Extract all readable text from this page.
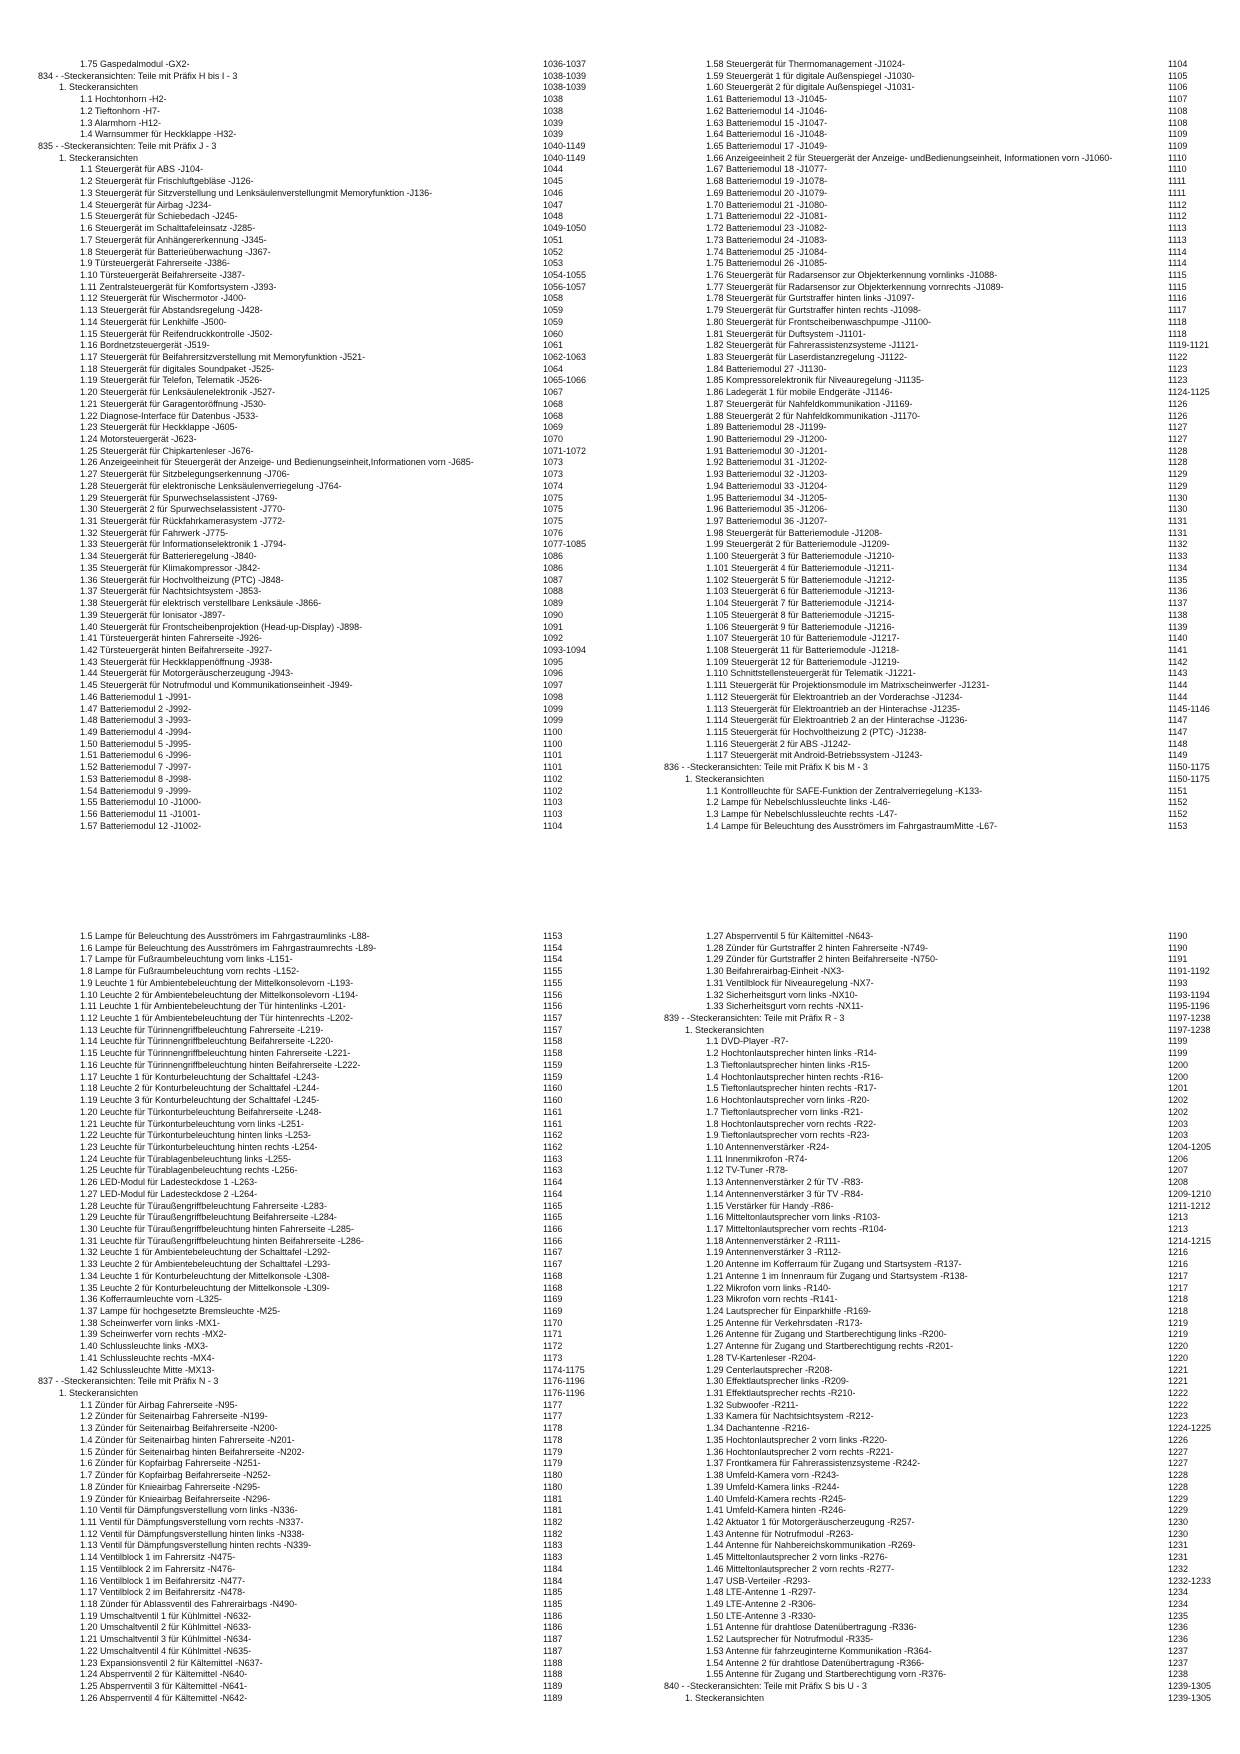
1.75 Gaspedalmodul -GX2-	1036-1037
834 - -Steckeransichten: Teile mit Präfix H bis I - 3	1038-1039
1. Steckeransichten	1038-1039
1.1 Hochtonhorn -H2-	1038
1.2 Tieftonhorn -H7-	1038
1.3 Alarmhorn -H12-	1039
1.4 Warnsummer für Heckklappe -H32-	1039
835 - -Steckeransichten: Teile mit Präfix J - 3	1040-1149
1. Steckeransichten	1040-1149
1.1 Steuergerät für ABS -J104-	1044
1.2 Steuergerät für Frischluftgebläse -J126-	1045
1.3 Steuergerät für Sitzverstellung und Lenksäulenverstellungmit Memoryfunktion -J136-	1046
1.4 Steuergerät für Airbag -J234-	1047
1.5 Steuergerät für Schiebedach -J245-	1048
1.6 Steuergerät im Schalttafeleinsatz -J285-	1049-1050
1.7 Steuergerät für Anhängererkennung -J345-	1051
1.8 Steuergerät für Batterieüberwachung -J367-	1052
1.9 Türsteuergerät Fahrerseite -J386-	1053
1.10 Türsteuergerät Beifahrerseite -J387-	1054-1055
1.11 Zentralsteuergerät für Komfortsystem -J393-	1056-1057
1.12 Steuergerät für Wischermotor -J400-	1058
1.13 Steuergerät für Abstandsregelung -J428-	1059
1.14 Steuergerät für Lenkhilfe -J500-	1059
1.15 Steuergerät für Reifendruckkontrolle -J502-	1060
1.16 Bordnetzsteuergerät -J519-	1061
1.17 Steuergerät für Beifahrersitzverstellung mit Memoryfunktion -J521-	1062-1063
1.18 Steuergerät für digitales Soundpaket -J525-	1064
1.19 Steuergerät für Telefon, Telematik -J526-	1065-1066
1.20 Steuergerät für Lenksäulenelektronik -J527-	1067
1.21 Steuergerät für Garagentoröffnung -J530-	1068
1.22 Diagnose-Interface für Datenbus -J533-	1068
1.23 Steuergerät für Heckklappe -J605-	1069
1.24 Motorsteuergerät -J623-	1070
1.25 Steuergerät für Chipkartenleser -J676-	1071-1072
1.26 Anzeigeeinheit für Steuergerät der Anzeige- und Bedienungseinheit,Informationen vorn -J685-	1073
1.27 Steuergerät für Sitzbelegungserkennung -J706-	1073
1.28 Steuergerät für elektronische Lenksäulenverriegelung -J764-	1074
1.29 Steuergerät für Spurwechselassistent -J769-	1075
1.30 Steuergerät 2 für Spurwechselassistent -J770-	1075
1.31 Steuergerät für Rückfahrkamerasystem -J772-	1075
1.32 Steuergerät für Fahrwerk -J775-	1076
1.33 Steuergerät für Informationselektronik 1 -J794-	1077-1085
1.34 Steuergerät für Batterieregelung -J840-	1086
1.35 Steuergerät für Klimakompressor -J842-	1086
1.36 Steuergerät für Hochvoltheizung (PTC) -J848-	1087
1.37 Steuergerät für Nachtsichtsystem -J853-	1088
1.38 Steuergerät für elektrisch verstellbare Lenksäule -J866-	1089
1.39 Steuergerät für Ionisator -J897-	1090
1.40 Steuergerät für Frontscheibenprojektion (Head-up-Display) -J898-	1091
1.41 Türsteuergerät hinten Fahrerseite -J926-	1092
1.42 Türsteuergerät hinten Beifahrerseite -J927-	1093-1094
1.43 Steuergerät für Heckklappenöffnung -J938-	1095
1.44 Steuergerät für Motorgeräuscherzeugung -J943-	1096
1.45 Steuergerät für Notrufmodul und Kommunikationseinheit -J949-	1097
1.46 Batteriemodul 1 -J991-	1098
1.47 Batteriemodul 2 -J992-	1099
1.48 Batteriemodul 3 -J993-	1099
1.49 Batteriemodul 4 -J994-	1100
1.50 Batteriemodul 5 -J995-	1100
1.51 Batteriemodul 6 -J996-	1101
1.52 Batteriemodul 7 -J997-	1101
1.53 Batteriemodul 8 -J998-	1102
1.54 Batteriemodul 9 -J999-	1102
1.55 Batteriemodul 10 -J1000-	1103
1.56 Batteriemodul 11 -J1001-	1103
1.57 Batteriemodul 12 -J1002-	1104
1.58 Steuergerät für Thermomanagement -J1024-	1104
1.59 Steuergerät 1 für digitale Außenspiegel -J1030-	1105
1.60 Steuergerät 2 für digitale Außenspiegel -J1031-	1106
1.61 Batteriemodul 13 -J1045-	1107
1.62 Batteriemodul 14 -J1046-	1108
1.63 Batteriemodul 15 -J1047-	1108
1.64 Batteriemodul 16 -J1048-	1109
1.65 Batteriemodul 17 -J1049-	1109
1.66 Anzeigeeinheit 2 für Steuergerät der Anzeige- undBedienungseinheit, Informationen vorn -J1060-	1110
1.67 Batteriemodul 18 -J1077-	1110
1.68 Batteriemodul 19 -J1078-	1111
1.69 Batteriemodul 20 -J1079-	1111
1.70 Batteriemodul 21 -J1080-	1112
1.71 Batteriemodul 22 -J1081-	1112
1.72 Batteriemodul 23 -J1082-	1113
1.73 Batteriemodul 24 -J1083-	1113
1.74 Batteriemodul 25 -J1084-	1114
1.75 Batteriemodul 26 -J1085-	1114
1.76 Steuergerät für Radarsensor zur Objekterkennung vornlinks -J1088-	1115
1.77 Steuergerät für Radarsensor zur Objekterkennung vornrechts -J1089-	1115
1.78 Steuergerät für Gurtstraffer hinten links -J1097-	1116
1.79 Steuergerät für Gurtstraffer hinten rechts -J1098-	1117
1.80 Steuergerät für Frontscheibenwaschpumpe -J1100-	1118
1.81 Steuergerät für Duftsystem -J1101-	1118
1.82 Steuergerät für Fahrerassistenzsysteme -J1121-	1119-1121
1.83 Steuergerät für Laserdistanzregelung -J1122-	1122
1.84 Batteriemodul 27 -J1130-	1123
1.85 Kompressorelektronik für Niveauregelung -J1135-	1123
1.86 Ladegerät 1 für mobile Endgeräte -J1146-	1124-1125
1.87 Steuergerät für Nahfeldkommunikation -J1169-	1126
1.88 Steuergerät 2 für Nahfeldkommunikation -J1170-	1126
1.89 Batteriemodul 28 -J1199-	1127
1.90 Batteriemodul 29 -J1200-	1127
1.91 Batteriemodul 30 -J1201-	1128
1.92 Batteriemodul 31 -J1202-	1128
1.93 Batteriemodul 32 -J1203-	1129
1.94 Batteriemodul 33 -J1204-	1129
1.95 Batteriemodul 34 -J1205-	1130
1.96 Batteriemodul 35 -J1206-	1130
1.97 Batteriemodul 36 -J1207-	1131
1.98 Steuergerät für Batteriemodule -J1208-	1131
1.99 Steuergerät 2 für Batteriemodule -J1209-	1132
1.100 Steuergerät 3 für Batteriemodule -J1210-	1133
1.101 Steuergerät 4 für Batteriemodule -J1211-	1134
1.102 Steuergerät 5 für Batteriemodule -J1212-	1135
1.103 Steuergerät 6 für Batteriemodule -J1213-	1136
1.104 Steuergerät 7 für Batteriemodule -J1214-	1137
1.105 Steuergerät 8 für Batteriemodule -J1215-	1138
1.106 Steuergerät 9 für Batteriemodule -J1216-	1139
1.107 Steuergerät 10 für Batteriemodule -J1217-	1140
1.108 Steuergerät 11 für Batteriemodule -J1218-	1141
1.109 Steuergerät 12 für Batteriemodule -J1219-	1142
1.110 Schnittstellensteuergerät für Telematik -J1221-	1143
1.111 Steuergerät für Projektionsmodule im Matrixscheinwerfer -J1231-	1144
1.112 Steuergerät für Elektroantrieb an der Vorderachse -J1234-	1144
1.113 Steuergerät für Elektroantrieb an der Hinterachse -J1235-	1145-1146
1.114 Steuergerät für Elektroantrieb 2 an der Hinterachse -J1236-	1147
1.115 Steuergerät für Hochvoltheizung 2 (PTC) -J1238-	1147
1.116 Steuergerät 2 für ABS -J1242-	1148
1.117 Steuergerät mit Android-Betriebssystem -J1243-	1149
836 - -Steckeransichten: Teile mit Präfix K bis M - 3	1150-1175
1. Steckeransichten	1150-1175
1.1 Kontrollleuchte für SAFE-Funktion der Zentralverriegelung -K133-	1151
1.2 Lampe für Nebelschlussleuchte links -L46-	1152
1.3 Lampe für Nebelschlussleuchte rechts -L47-	1152
1.4 Lampe für Beleuchtung des Ausströmers im FahrgastraumMitte -L67-	1153
1.5 Lampe für Beleuchtung des Ausströmers im Fahrgastraumlinks -L88-	1153
1.6 Lampe für Beleuchtung des Ausströmers im Fahrgastraumrechts -L89-	1154
1.7 Lampe für Fußraumbeleuchtung vorn links -L151-	1154
1.8 Lampe für Fußraumbeleuchtung vorn rechts -L152-	1155
1.9 Leuchte 1 für Ambientebeleuchtung der Mittelkonsolevorn -L193-	1155
1.10 Leuchte 2 für Ambientebeleuchtung der Mittelkonsolevorn -L194-	1156
1.11 Leuchte 1 für Ambientebeleuchtung der Tür hintenlinks -L201-	1156
1.12 Leuchte 1 für Ambientebeleuchtung der Tür hintenrechts -L202-	1157
1.13 Leuchte für Türinnengriffbeleuchtung Fahrerseite -L219-	1157
1.14 Leuchte für Türinnengriffbeleuchtung Beifahrerseite -L220-	1158
1.15 Leuchte für Türinnengriffbeleuchtung hinten Fahrerseite -L221-	1158
1.16 Leuchte für Türinnengriffbeleuchtung hinten Beifahrerseite -L222-	1159
1.17 Leuchte 1 für Konturbeleuchtung der Schalttafel -L243-	1159
1.18 Leuchte 2 für Konturbeleuchtung der Schalttafel -L244-	1160
1.19 Leuchte 3 für Konturbeleuchtung der Schalttafel -L245-	1160
1.20 Leuchte für Türkonturbeleuchtung Beifahrerseite -L248-	1161
1.21 Leuchte für Türkonturbeleuchtung vorn links -L251-	1161
1.22 Leuchte für Türkonturbeleuchtung hinten links -L253-	1162
1.23 Leuchte für Türkonturbeleuchtung hinten rechts -L254-	1162
1.24 Leuchte für Türablagenbeleuchtung links -L255-	1163
1.25 Leuchte für Türablagenbeleuchtung rechts -L256-	1163
1.26 LED-Modul für Ladesteckdose 1 -L263-	1164
1.27 LED-Modul für Ladesteckdose 2 -L264-	1164
1.28 Leuchte für Türaußengriffbeleuchtung Fahrerseite -L283-	1165
1.29 Leuchte für Türaußengriffbeleuchtung Beifahrerseite -L284-	1165
1.30 Leuchte für Türaußengriffbeleuchtung hinten Fahrerseite -L285-	1166
1.31 Leuchte für Türaußengriffbeleuchtung hinten Beifahrerseite -L286-	1166
1.32 Leuchte 1 für Ambientebeleuchtung der Schalttafel -L292-	1167
1.33 Leuchte 2 für Ambientebeleuchtung der Schalttafel -L293-	1167
1.34 Leuchte 1 für Konturbeleuchtung der Mittelkonsole -L308-	1168
1.35 Leuchte 2 für Konturbeleuchtung der Mittelkonsole -L309-	1168
1.36 Kofferraumleuchte vorn -L325-	1169
1.37 Lampe für hochgesetzte Bremsleuchte -M25-	1169
1.38 Scheinwerfer vorn links -MX1-	1170
1.39 Scheinwerfer vorn rechts -MX2-	1171
1.40 Schlussleuchte links -MX3-	1172
1.41 Schlussleuchte rechts -MX4-	1173
1.42 Schlussleuchte Mitte -MX13-	1174-1175
837 - -Steckeransichten: Teile mit Präfix N - 3	1176-1196
1. Steckeransichten	1176-1196
1.1 Zünder für Airbag Fahrerseite -N95-	1177
1.2 Zünder für Seitenairbag Fahrerseite -N199-	1177
1.3 Zünder für Seitenairbag Beifahrerseite -N200-	1178
1.4 Zünder für Seitenairbag hinten Fahrerseite -N201-	1178
1.5 Zünder für Seitenairbag hinten Beifahrerseite -N202-	1179
1.6 Zünder für Kopfairbag Fahrerseite -N251-	1179
1.7 Zünder für Kopfairbag Beifahrerseite -N252-	1180
1.8 Zünder für Knieairbag Fahrerseite -N295-	1180
1.9 Zünder für Knieairbag Beifahrerseite -N296-	1181
1.10 Ventil für Dämpfungsverstellung vorn links -N336-	1181
1.11 Ventil für Dämpfungsverstellung vorn rechts -N337-	1182
1.12 Ventil für Dämpfungsverstellung hinten links -N338-	1182
1.13 Ventil für Dämpfungsverstellung hinten rechts -N339-	1183
1.14 Ventilblock 1 im Fahrersitz -N475-	1183
1.15 Ventilblock 2 im Fahrersitz -N476-	1184
1.16 Ventilblock 1 im Beifahrersitz -N477-	1184
1.17 Ventilblock 2 im Beifahrersitz -N478-	1185
1.18 Zünder für Ablassventil des Fahrerairbags -N490-	1185
1.19 Umschaltventil 1 für Kühlmittel -N632-	1186
1.20 Umschaltventil 2 für Kühlmittel -N633-	1186
1.21 Umschaltventil 3 für Kühlmittel -N634-	1187
1.22 Umschaltventil 4 für Kühlmittel -N635-	1187
1.23 Expansionsventil 2 für Kältemittel -N637-	1188
1.24 Absperrventil 2 für Kältemittel -N640-	1188
1.25 Absperrventil 3 für Kältemittel -N641-	1189
1.26 Absperrventil 4 für Kältemittel -N642-	1189
1.27 Absperrventil 5 für Kältemittel -N643-	1190
1.28 Zünder für Gurtstraffer 2 hinten Fahrerseite -N749-	1190
1.29 Zünder für Gurtstraffer 2 hinten Beifahrerseite -N750-	1191
1.30 Beifahrerairbag-Einheit -NX3-	1191-1192
1.31 Ventilblock für Niveauregelung -NX7-	1193
1.32 Sicherheitsgurt vorn links -NX10-	1193-1194
1.33 Sicherheitsgurt vorn rechts -NX11-	1195-1196
839 - -Steckeransichten: Teile mit Präfix R - 3	1197-1238
1. Steckeransichten	1197-1238
1.1 DVD-Player -R7-	1199
1.2 Hochtonlautsprecher hinten links -R14-	1199
1.3 Tieftonlautsprecher hinten links -R15-	1200
1.4 Hochtonlautsprecher hinten rechts -R16-	1200
1.5 Tieftonlautsprecher hinten rechts -R17-	1201
1.6 Hochtonlautsprecher vorn links -R20-	1202
1.7 Tieftonlautsprecher vorn links -R21-	1202
1.8 Hochtonlautsprecher vorn rechts -R22-	1203
1.9 Tieftonlautsprecher vorn rechts -R23-	1203
1.10 Antennenverstärker -R24-	1204-1205
1.11 Innenmikrofon -R74-	1206
1.12 TV-Tuner -R78-	1207
1.13 Antennenverstärker 2 für TV -R83-	1208
1.14 Antennenverstärker 3 für TV -R84-	1209-1210
1.15 Verstärker für Handy -R86-	1211-1212
1.16 Mitteltonlautsprecher vorn links -R103-	1213
1.17 Mitteltonlautsprecher vorn rechts -R104-	1213
1.18 Antennenverstärker 2 -R111-	1214-1215
1.19 Antennenverstärker 3 -R112-	1216
1.20 Antenne im Kofferraum für Zugang und Startsystem -R137-	1216
1.21 Antenne 1 im Innenraum für Zugang und Startsystem -R138-	1217
1.22 Mikrofon vorn links -R140-	1217
1.23 Mikrofon vorn rechts -R141-	1218
1.24 Lautsprecher für Einparkhilfe -R169-	1218
1.25 Antenne für Verkehrsdaten -R173-	1219
1.26 Antenne für Zugang und Startberechtigung links -R200-	1219
1.27 Antenne für Zugang und Startberechtigung rechts -R201-	1220
1.28 TV-Kartenleser -R204-	1220
1.29 Centerlautsprecher -R208-	1221
1.30 Effektlautsprecher links -R209-	1221
1.31 Effektlautsprecher rechts -R210-	1222
1.32 Subwoofer -R211-	1222
1.33 Kamera für Nachtsichtsystem -R212-	1223
1.34 Dachantenne -R216-	1224-1225
1.35 Hochtonlautsprecher 2 vorn links -R220-	1226
1.36 Hochtonlautsprecher 2 vorn rechts -R221-	1227
1.37 Frontkamera für Fahrerassistenzsysteme -R242-	1227
1.38 Umfeld-Kamera vorn -R243-	1228
1.39 Umfeld-Kamera links -R244-	1228
1.40 Umfeld-Kamera rechts -R245-	1229
1.41 Umfeld-Kamera hinten -R246-	1229
1.42 Aktuator 1 für Motorgeräuscherzeugung -R257-	1230
1.43 Antenne für Notrufmodul -R263-	1230
1.44 Antenne für Nahbereichskommunikation -R269-	1231
1.45 Mitteltonlautsprecher 2 vorn links -R276-	1231
1.46 Mitteltonlautsprecher 2 vorn rechts -R277-	1232
1.47 USB-Verteiler -R293-	1232-1233
1.48 LTE-Antenne 1 -R297-	1234
1.49 LTE-Antenne 2 -R306-	1234
1.50 LTE-Antenne 3 -R330-	1235
1.51 Antenne für drahtlose Datenübertragung -R336-	1236
1.52 Lautsprecher für Notrufmodul -R335-	1236
1.53 Antenne für fahrzeuginterne Kommunikation -R364-	1237
1.54 Antenne 2 für drahtlose Datenübertragung -R366-	1237
1.55 Antenne für Zugang und Startberechtigung vorn -R376-	1238
840 - -Steckeransichten: Teile mit Präfix S bis U - 3	1239-1305
1. Steckeransichten	1239-1305
